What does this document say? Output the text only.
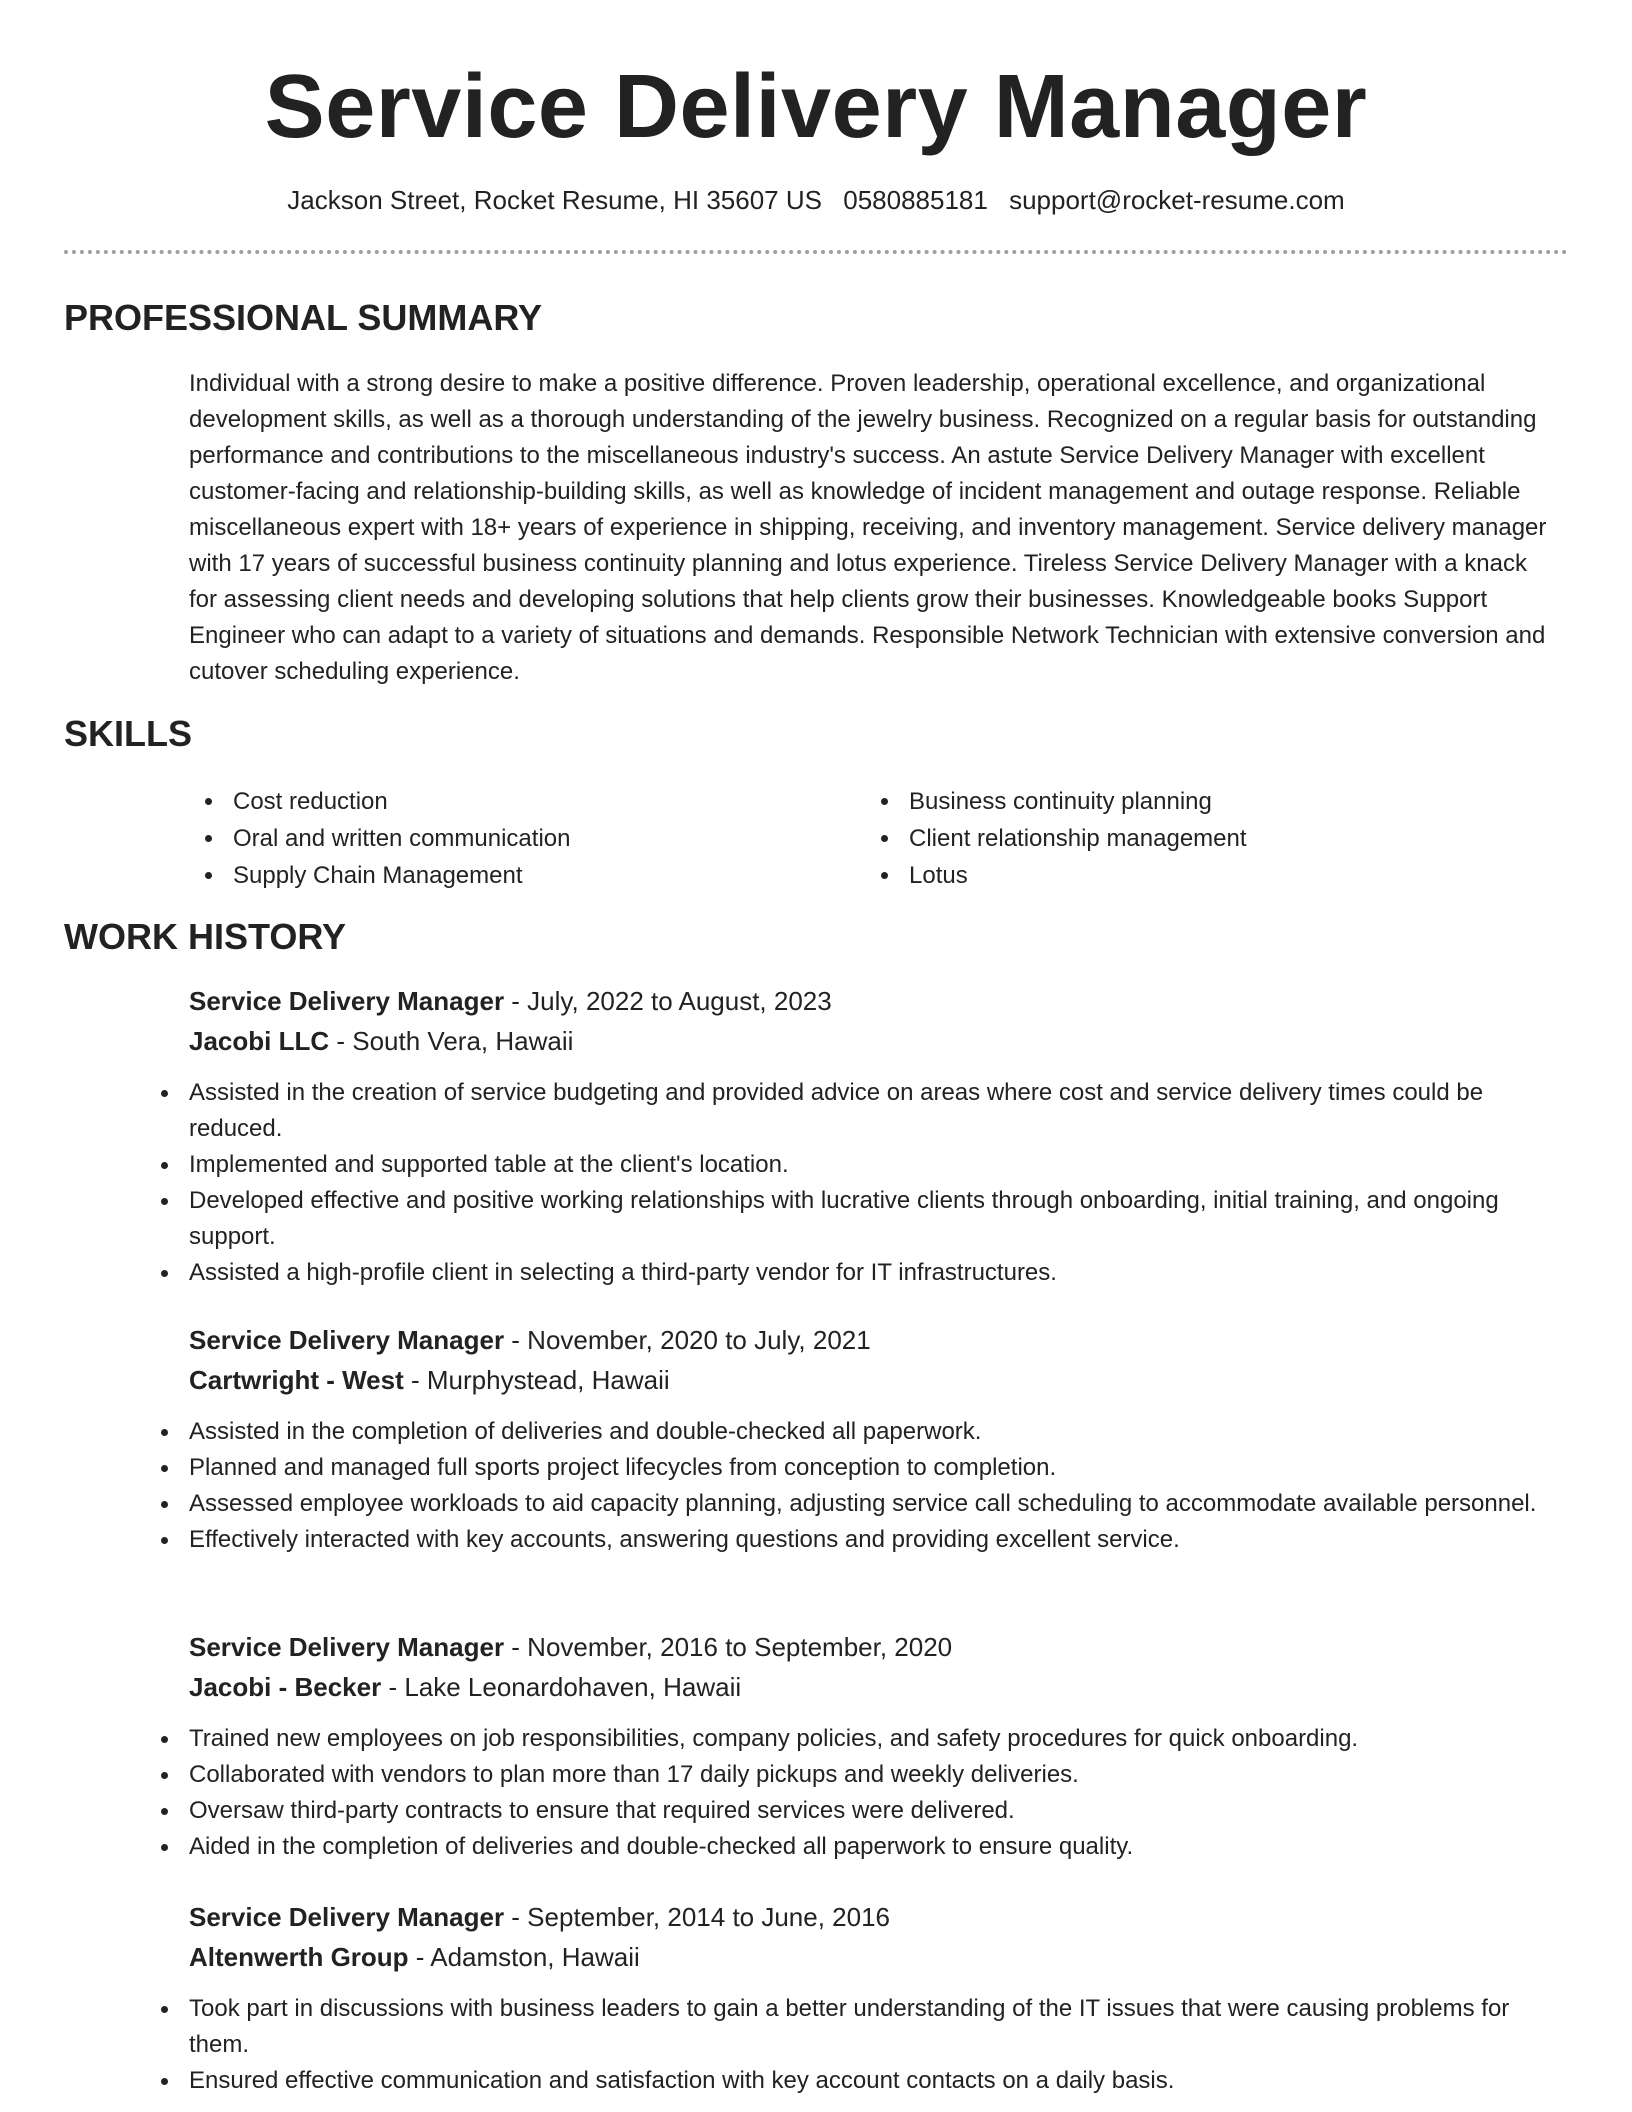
Service Delivery Manager
Jackson Street, Rocket Resume, HI 35607 US 0580885181 support@rocket-resume.com
PROFESSIONAL SUMMARY
Individual with a strong desire to make a positive difference. Proven leadership, operational excellence, and organizational development skills, as well as a thorough understanding of the jewelry business. Recognized on a regular basis for outstanding performance and contributions to the miscellaneous industry's success. An astute Service Delivery Manager with excellent customer-facing and relationship-building skills, as well as knowledge of incident management and outage response. Reliable miscellaneous expert with 18+ years of experience in shipping, receiving, and inventory management. Service delivery manager with 17 years of successful business continuity planning and lotus experience. Tireless Service Delivery Manager with a knack for assessing client needs and developing solutions that help clients grow their businesses. Knowledgeable books Support Engineer who can adapt to a variety of situations and demands. Responsible Network Technician with extensive conversion and cutover scheduling experience.
SKILLS
Cost reduction
Oral and written communication
Supply Chain Management
Business continuity planning
Client relationship management
Lotus
WORK HISTORY
Service Delivery Manager - July, 2022 to August, 2023
Jacobi LLC - South Vera, Hawaii
Assisted in the creation of service budgeting and provided advice on areas where cost and service delivery times could be reduced.
Implemented and supported table at the client's location.
Developed effective and positive working relationships with lucrative clients through onboarding, initial training, and ongoing support.
Assisted a high-profile client in selecting a third-party vendor for IT infrastructures.
Service Delivery Manager - November, 2020 to July, 2021
Cartwright - West - Murphystead, Hawaii
Assisted in the completion of deliveries and double-checked all paperwork.
Planned and managed full sports project lifecycles from conception to completion.
Assessed employee workloads to aid capacity planning, adjusting service call scheduling to accommodate available personnel.
Effectively interacted with key accounts, answering questions and providing excellent service.
Service Delivery Manager - November, 2016 to September, 2020
Jacobi - Becker - Lake Leonardohaven, Hawaii
Trained new employees on job responsibilities, company policies, and safety procedures for quick onboarding.
Collaborated with vendors to plan more than 17 daily pickups and weekly deliveries.
Oversaw third-party contracts to ensure that required services were delivered.
Aided in the completion of deliveries and double-checked all paperwork to ensure quality.
Service Delivery Manager - September, 2014 to June, 2016
Altenwerth Group - Adamston, Hawaii
Took part in discussions with business leaders to gain a better understanding of the IT issues that were causing problems for them.
Ensured effective communication and satisfaction with key account contacts on a daily basis.
